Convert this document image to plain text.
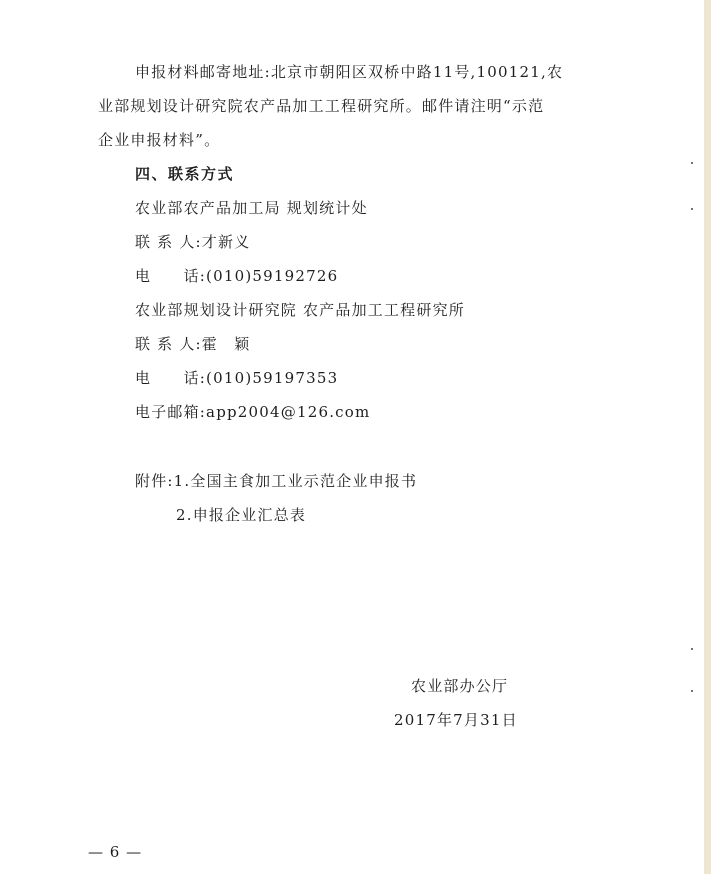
申报材料邮寄地址:北京市朝阳区双桥中路11号,100121,农
业部规划设计研究院农产品加工工程研究所。邮件请注明“示范
企业申报材料”。
四、联系方式
农业部农产品加工局 规划统计处
联 系 人:才新义
电　　话:(010)59192726
农业部规划设计研究院 农产品加工工程研究所
联 系 人:霍　颖
电　　话:(010)59197353
电子邮箱:app2004@126.com
附件:1.全国主食加工业示范企业申报书
2.申报企业汇总表
农业部办公厅
2017年7月31日
— 6 —
